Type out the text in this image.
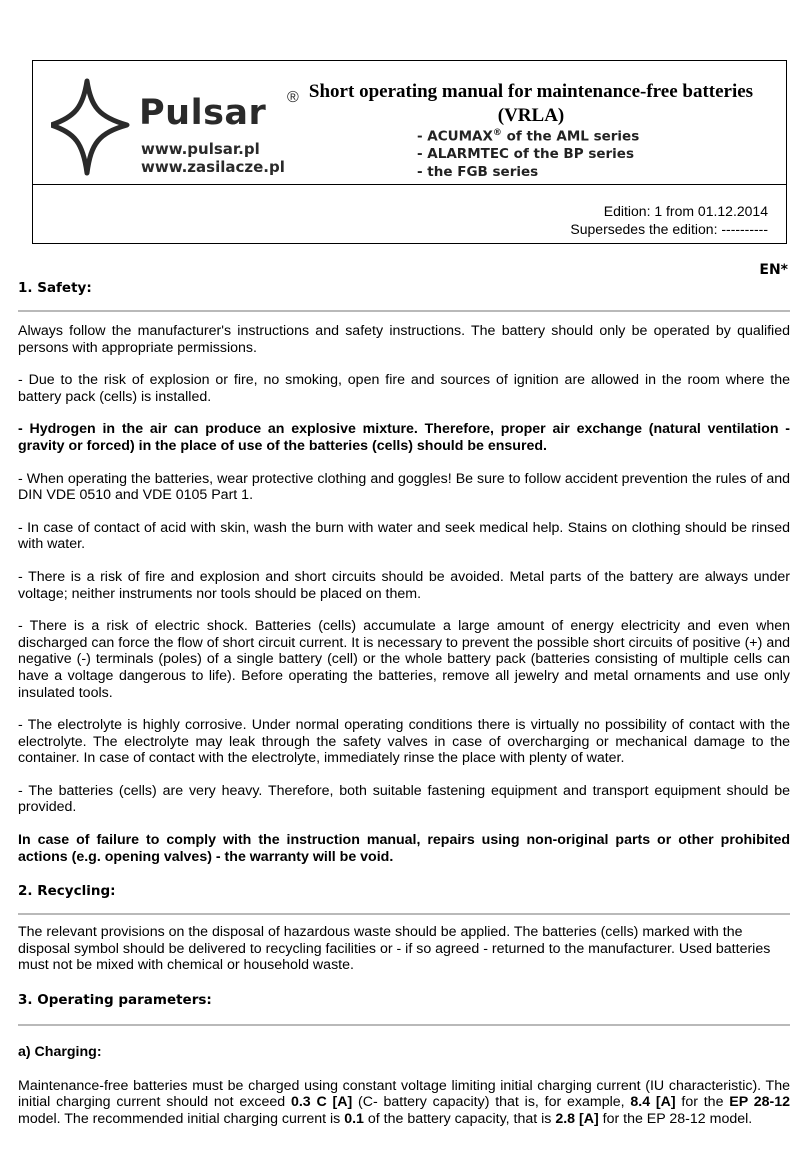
Pulsar ®
www.pulsar.pl
www.zasilacze.pl
Short operating manual for maintenance-free batteries (VRLA)
- ACUMAX® of the AML series
- ALARMTEC of the BP series
- the FGB series
Edition: 1 from 01.12.2014
Supersedes the edition: ----------
EN*
1. Safety:

Always follow the manufacturer's instructions and safety instructions. The battery should only be operated by qualified persons with appropriate permissions.

- Due to the risk of explosion or fire, no smoking, open fire and sources of ignition are allowed in the room where the battery pack (cells) is installed.

- Hydrogen in the air can produce an explosive mixture. Therefore, proper air exchange (natural ventilation - gravity or forced) in the place of use of the batteries (cells) should be ensured.

- When operating the batteries, wear protective clothing and goggles! Be sure to follow accident prevention the rules of and DIN VDE 0510 and VDE 0105 Part 1.

- In case of contact of acid with skin, wash the burn with water and seek medical help. Stains on clothing should be rinsed with water.

- There is a risk of fire and explosion and short circuits should be avoided. Metal parts of the battery are always under voltage; neither instruments nor tools should be placed on them.

- There is a risk of electric shock. Batteries (cells) accumulate a large amount of energy electricity and even when discharged can force the flow of short circuit current. It is necessary to prevent the possible short circuits of positive (+) and negative (-) terminals (poles) of a single battery (cell) or the whole battery pack (batteries consisting of multiple cells can have a voltage dangerous to life). Before operating the batteries, remove all jewelry and metal ornaments and use only insulated tools.

- The electrolyte is highly corrosive. Under normal operating conditions there is virtually no possibility of contact with the electrolyte. The electrolyte may leak through the safety valves in case of overcharging or mechanical damage to the container. In case of contact with the electrolyte, immediately rinse the place with plenty of water.

- The batteries (cells) are very heavy. Therefore, both suitable fastening equipment and transport equipment should be provided.

In case of failure to comply with the instruction manual, repairs using non-original parts or other prohibited actions (e.g. opening valves) - the warranty will be void.

2. Recycling:

The relevant provisions on the disposal of hazardous waste should be applied. The batteries (cells) marked with the disposal symbol should be delivered to recycling facilities or - if so agreed - returned to the manufacturer. Used batteries must not be mixed with chemical or household waste.

3. Operating parameters:

a) Charging:

Maintenance-free batteries must be charged using constant voltage limiting initial charging current (IU characteristic). The initial charging current should not exceed 0.3 C [A] (C- battery capacity) that is, for example, 8.4 [A] for the EP 28-12 model. The recommended initial charging current is 0.1 of the battery capacity, that is 2.8 [A] for the EP 28-12 model.
